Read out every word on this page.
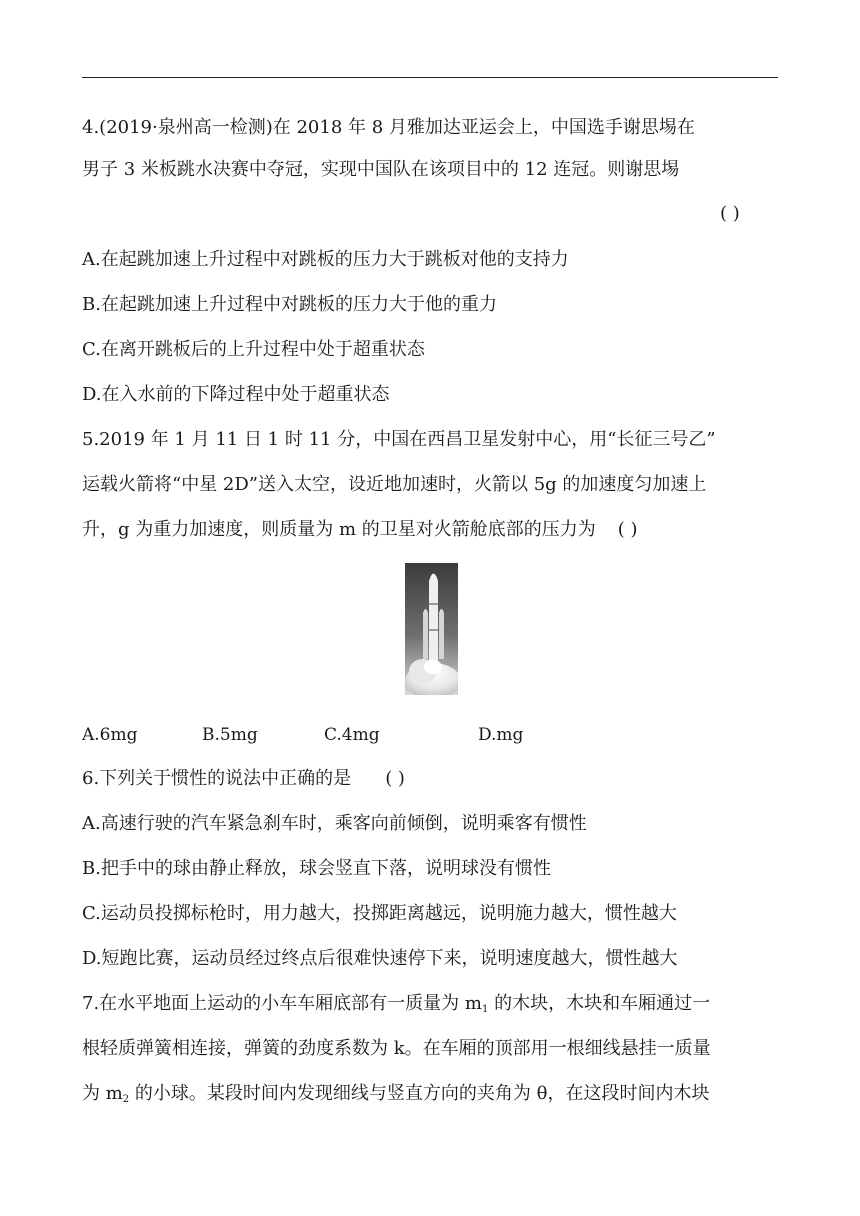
4.(2019·泉州高一检测)在 2018 年 8 月雅加达亚运会上，中国选手谢思埸在
男子 3 米板跳水决赛中夺冠，实现中国队在该项目中的 12 连冠。则谢思埸
( )
A.在起跳加速上升过程中对跳板的压力大于跳板对他的支持力
B.在起跳加速上升过程中对跳板的压力大于他的重力
C.在离开跳板后的上升过程中处于超重状态
D.在入水前的下降过程中处于超重状态
5.2019 年 1 月 11 日 1 时 11 分，中国在西昌卫星发射中心，用“长征三号乙”
运载火箭将“中星 2D”送入太空，设近地加速时，火箭以 5g 的加速度匀加速上
升，g 为重力加速度，则质量为 m 的卫星对火箭舱底部的压力为 ( )
A.6mg	B.5mg	C.4mg	D.mg
6.下列关于惯性的说法中正确的是 ( )
A.高速行驶的汽车紧急刹车时，乘客向前倾倒，说明乘客有惯性
B.把手中的球由静止释放，球会竖直下落，说明球没有惯性
C.运动员投掷标枪时，用力越大，投掷距离越远，说明施力越大，惯性越大
D.短跑比赛，运动员经过终点后很难快速停下来，说明速度越大，惯性越大
7.在水平地面上运动的小车车厢底部有一质量为 $m_1$ 的木块，木块和车厢通过一
根轻质弹簧相连接，弹簧的劲度系数为 k。在车厢的顶部用一根细线悬挂一质量
为 $m_2$ 的小球。某段时间内发现细线与竖直方向的夹角为 θ，在这段时间内木块
